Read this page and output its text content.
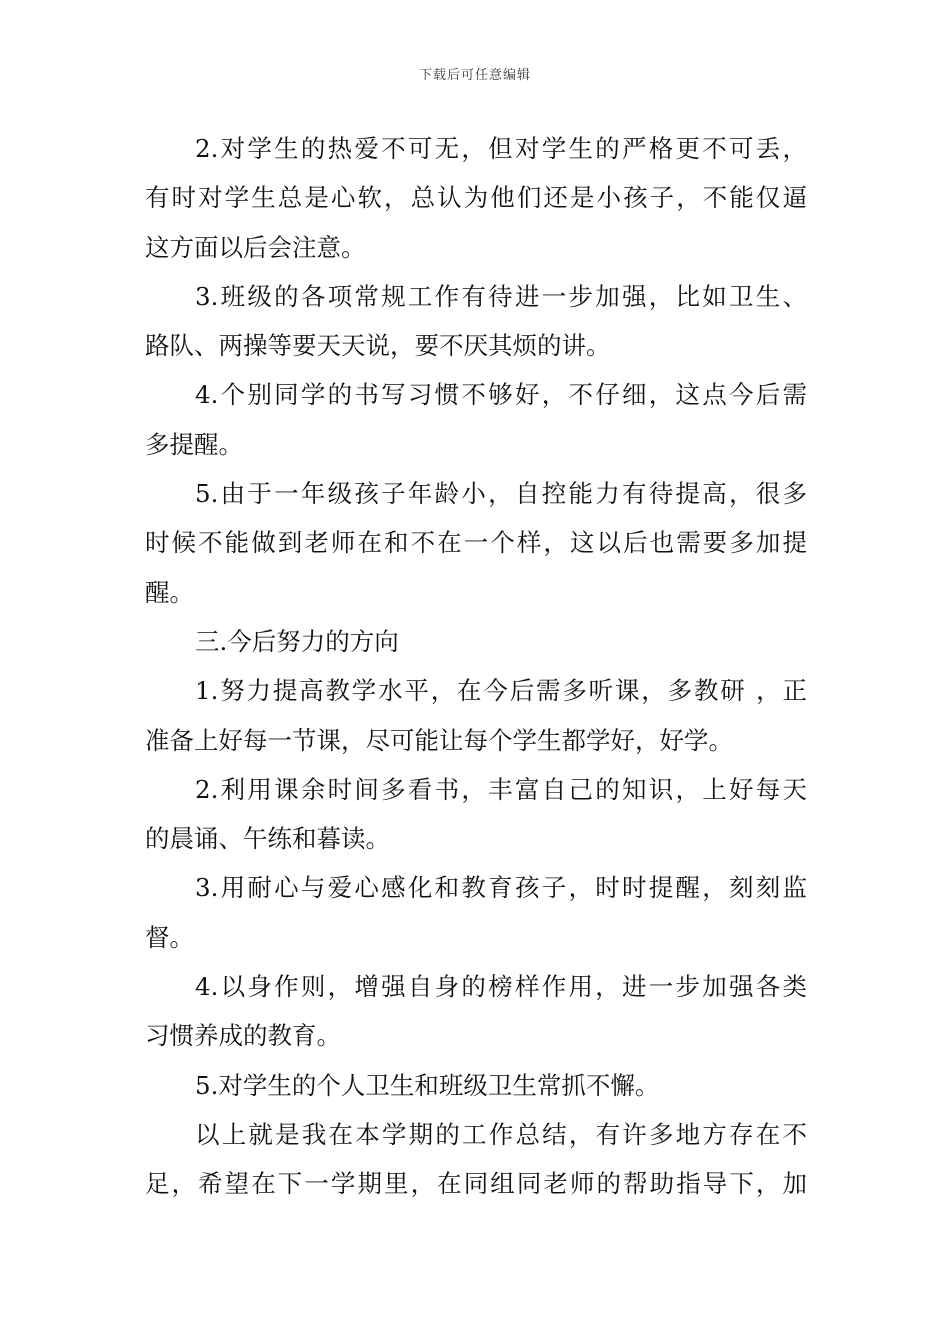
下载后可任意编辑
2.对学生的热爱不可无，但对学生的严格更不可丢，
有时对学生总是心软，总认为他们还是小孩子，不能仅逼
这方面以后会注意。
3.班级的各项常规工作有待进一步加强，比如卫生、
路队、两操等要天天说，要不厌其烦的讲。
4.个别同学的书写习惯不够好，不仔细，这点今后需
多提醒。
5.由于一年级孩子年龄小，自控能力有待提高，很多
时候不能做到老师在和不在一个样，这以后也需要多加提
醒。
三.今后努力的方向
1.努力提高教学水平，在今后需多听课，多教研 ，正
准备上好每一节课，尽可能让每个学生都学好，好学。
2.利用课余时间多看书，丰富自己的知识，上好每天
的晨诵、午练和暮读。
3.用耐心与爱心感化和教育孩子，时时提醒，刻刻监
督。
4.以身作则，增强自身的榜样作用，进一步加强各类
习惯养成的教育。
5.对学生的个人卫生和班级卫生常抓不懈。
以上就是我在本学期的工作总结，有许多地方存在不
足，希望在下一学期里，在同组同老师的帮助指导下，加
